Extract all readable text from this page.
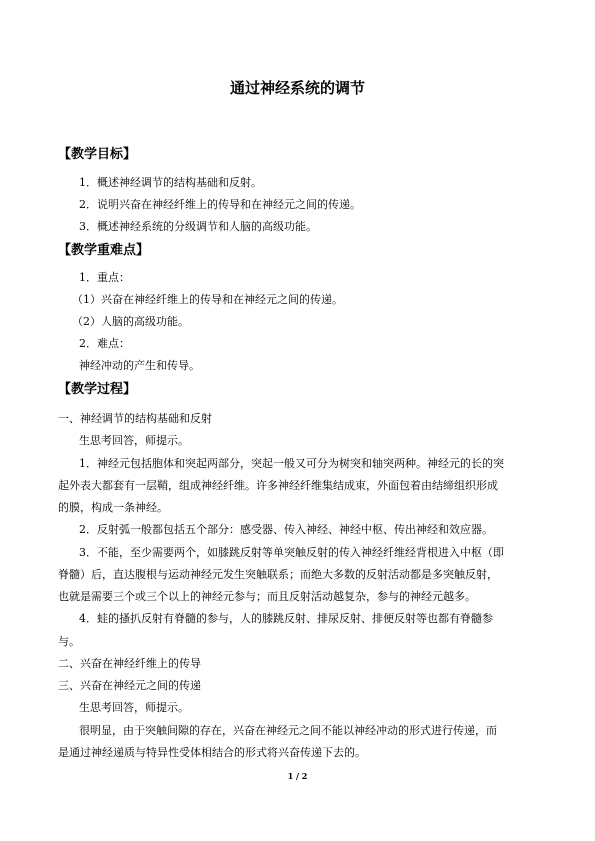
通过神经系统的调节
【教学目标】
1．概述神经调节的结构基础和反射。
2．说明兴奋在神经纤维上的传导和在神经元之间的传递。
3．概述神经系统的分级调节和人脑的高级功能。
【教学重难点】
1．重点：
（1）兴奋在神经纤维上的传导和在神经元之间的传递。
（2）人脑的高级功能。
2．难点：
神经冲动的产生和传导。
【教学过程】
一、神经调节的结构基础和反射
生思考回答，师提示。
1．神经元包括胞体和突起两部分，突起一般又可分为树突和轴突两种。神经元的长的突
起外表大都套有一层鞘，组成神经纤维。许多神经纤维集结成束，外面包着由结缔组织形成
的膜，构成一条神经。
2．反射弧一般都包括五个部分：感受器、传入神经、神经中枢、传出神经和效应器。
3．不能，至少需要两个，如膝跳反射等单突触反射的传入神经纤维经背根进入中枢（即
脊髓）后，直达腹根与运动神经元发生突触联系；而绝大多数的反射活动都是多突触反射，
也就是需要三个或三个以上的神经元参与；而且反射活动越复杂，参与的神经元越多。
4．蛙的搔扒反射有脊髓的参与，人的膝跳反射、排尿反射、排便反射等也都有脊髓参
与。
二、兴奋在神经纤维上的传导
三、兴奋在神经元之间的传递
生思考回答，师提示。
很明显，由于突触间隙的存在，兴奋在神经元之间不能以神经冲动的形式进行传递，而
是通过神经递质与特异性受体相结合的形式将兴奋传递下去的。
1 / 2
